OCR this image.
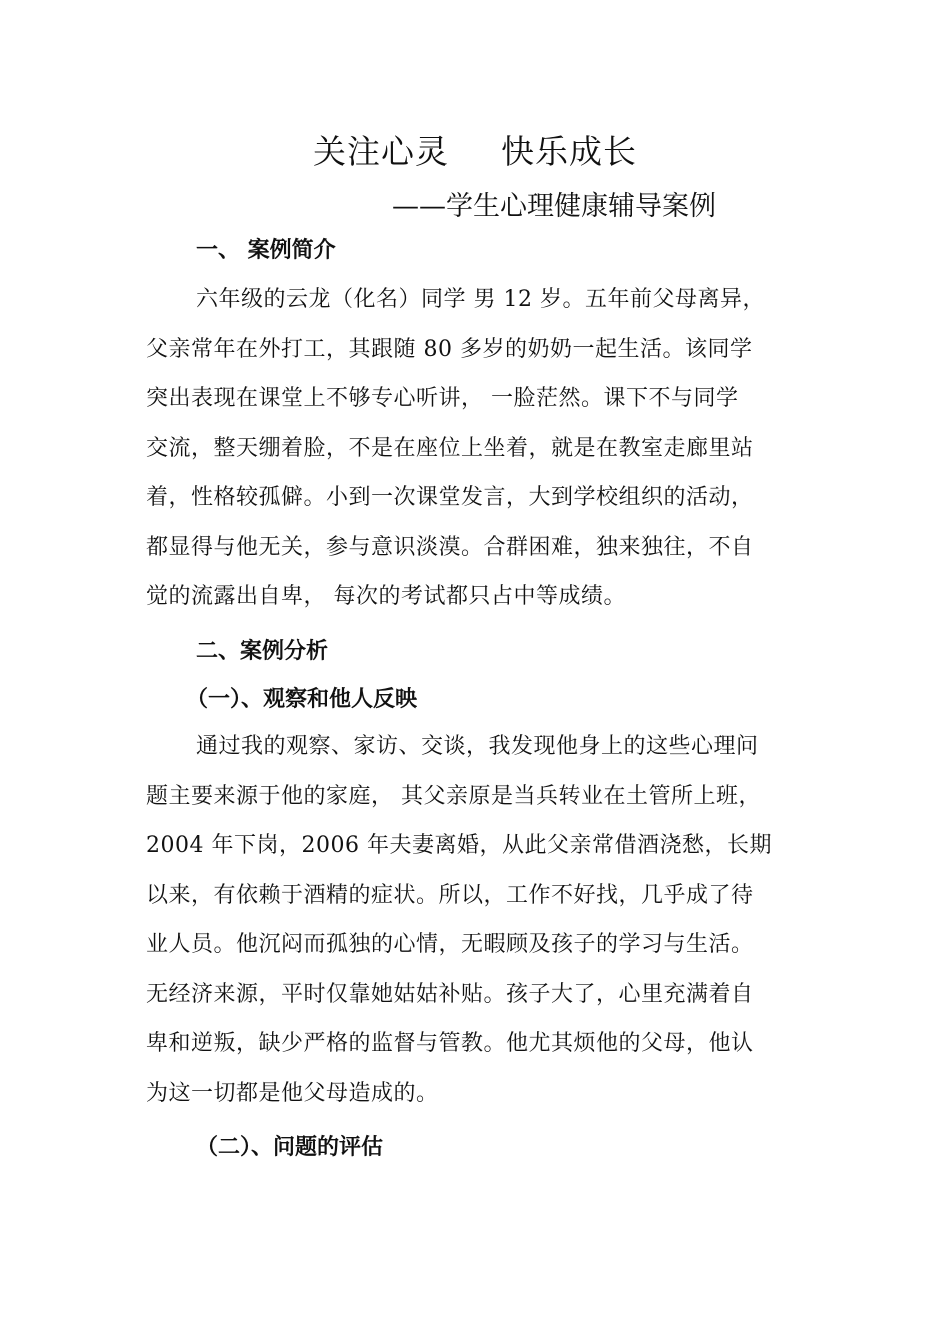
关注心灵 快乐成长
——学生心理健康辅导案例
一、 案例简介
六年级的云龙（化名）同学 男 12 岁。五年前父母离异，
父亲常年在外打工，其跟随 80 多岁的奶奶一起生活。该同学
突出表现在课堂上不够专心听讲， 一脸茫然。课下不与同学
交流，整天绷着脸，不是在座位上坐着，就是在教室走廊里站
着，性格较孤僻。小到一次课堂发言，大到学校组织的活动，
都显得与他无关，参与意识淡漠。合群困难，独来独往，不自
觉的流露出自卑， 每次的考试都只占中等成绩。
二、案例分析
（一）、观察和他人反映
通过我的观察、家访、交谈，我发现他身上的这些心理问
题主要来源于他的家庭， 其父亲原是当兵转业在土管所上班，
2004 年下岗，2006 年夫妻离婚，从此父亲常借酒浇愁，长期
以来，有依赖于酒精的症状。所以，工作不好找，几乎成了待
业人员。他沉闷而孤独的心情，无暇顾及孩子的学习与生活。
无经济来源，平时仅靠她姑姑补贴。孩子大了，心里充满着自
卑和逆叛，缺少严格的监督与管教。他尤其烦他的父母，他认
为这一切都是他父母造成的。
（二）、问题的评估
